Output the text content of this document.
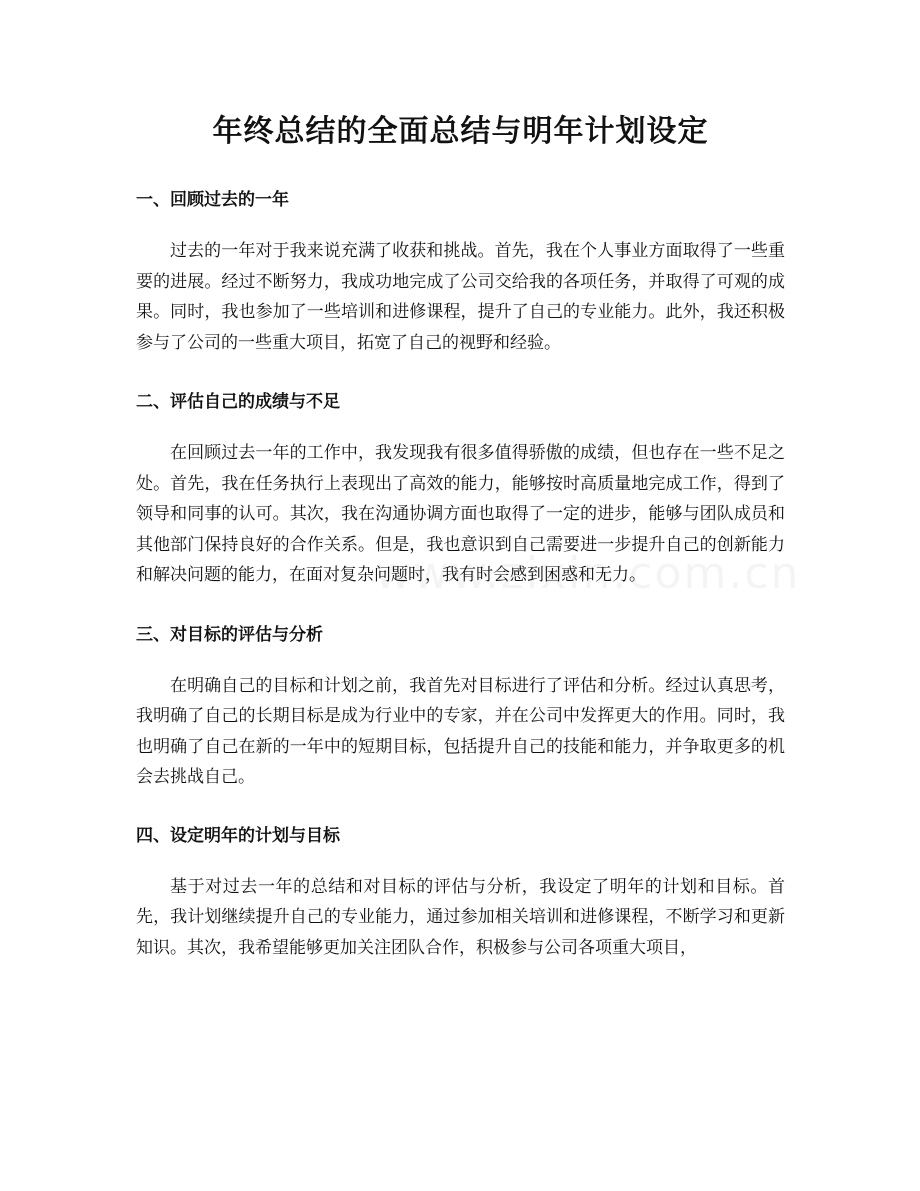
年终总结的全面总结与明年计划设定
一、回顾过去的一年

过去的一年对于我来说充满了收获和挑战。首先，我在个人事业方面取得了一些重要的进展。经过不断努力，我成功地完成了公司交给我的各项任务，并取得了可观的成果。同时，我也参加了一些培训和进修课程，提升了自己的专业能力。此外，我还积极参与了公司的一些重大项目，拓宽了自己的视野和经验。

二、评估自己的成绩与不足

在回顾过去一年的工作中，我发现我有很多值得骄傲的成绩，但也存在一些不足之处。首先，我在任务执行上表现出了高效的能力，能够按时高质量地完成工作，得到了领导和同事的认可。其次，我在沟通协调方面也取得了一定的进步，能够与团队成员和其他部门保持良好的合作关系。但是，我也意识到自己需要进一步提升自己的创新能力和解决问题的能力，在面对复杂问题时，我有时会感到困惑和无力。

三、对目标的评估与分析

在明确自己的目标和计划之前，我首先对目标进行了评估和分析。经过认真思考，我明确了自己的长期目标是成为行业中的专家，并在公司中发挥更大的作用。同时，我也明确了自己在新的一年中的短期目标，包括提升自己的技能和能力，并争取更多的机会去挑战自己。

四、设定明年的计划与目标

基于对过去一年的总结和对目标的评估与分析，我设定了明年的计划和目标。首先，我计划继续提升自己的专业能力，通过参加相关培训和进修课程，不断学习和更新知识。其次，我希望能够更加关注团队合作，积极参与公司各项重大项目，
